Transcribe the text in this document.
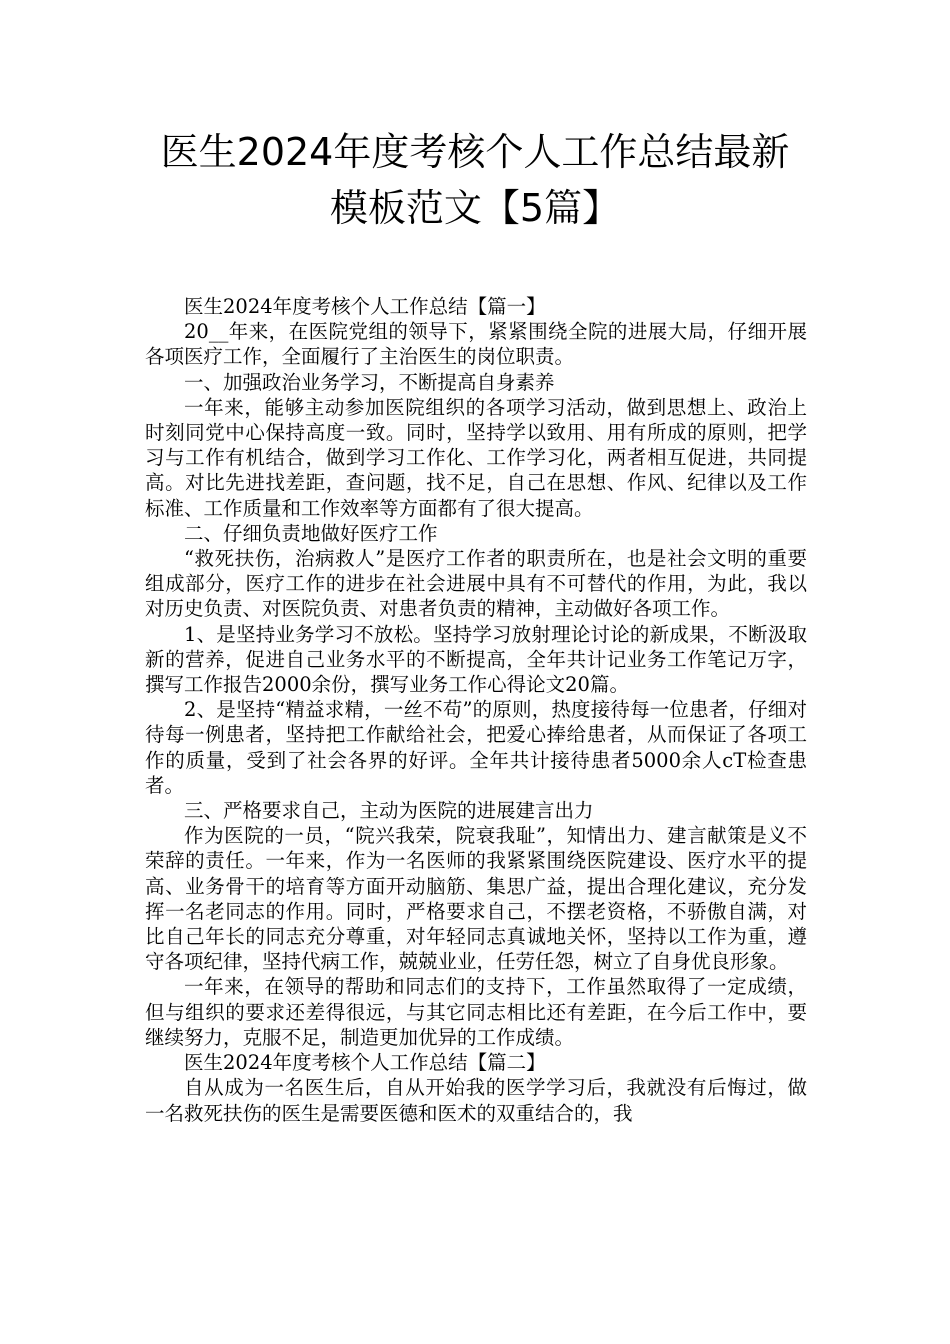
医生2024年度考核个人工作总结最新
模板范文【5篇】

医生2024年度考核个人工作总结【篇一】

20__年来，在医院党组的领导下，紧紧围绕全院的进展大局，仔细开展各项医疗工作，全面履行了主治医生的岗位职责。

一、加强政治业务学习，不断提高自身素养

一年来，能够主动参加医院组织的各项学习活动，做到思想上、政治上时刻同党中心保持高度一致。同时，坚持学以致用、用有所成的原则，把学习与工作有机结合，做到学习工作化、工作学习化，两者相互促进，共同提高。对比先进找差距，查问题，找不足，自己在思想、作风、纪律以及工作标准、工作质量和工作效率等方面都有了很大提高。

二、仔细负责地做好医疗工作

“救死扶伤，治病救人”是医疗工作者的职责所在，也是社会文明的重要组成部分，医疗工作的进步在社会进展中具有不可替代的作用，为此，我以对历史负责、对医院负责、对患者负责的精神，主动做好各项工作。

1、是坚持业务学习不放松。坚持学习放射理论讨论的新成果，不断汲取新的营养，促进自己业务水平的不断提高，全年共计记业务工作笔记万字，撰写工作报告2000余份，撰写业务工作心得论文20篇。

2、是坚持“精益求精，一丝不苟”的原则，热度接待每一位患者，仔细对待每一例患者，坚持把工作献给社会，把爱心捧给患者，从而保证了各项工作的质量，受到了社会各界的好评。全年共计接待患者5000余人cT检查患者。

三、严格要求自己，主动为医院的进展建言出力

作为医院的一员，“院兴我荣，院衰我耻”，知情出力、建言献策是义不荣辞的责任。一年来，作为一名医师的我紧紧围绕医院建设、医疗水平的提高、业务骨干的培育等方面开动脑筋、集思广益，提出合理化建议，充分发挥一名老同志的作用。同时，严格要求自己，不摆老资格，不骄傲自满，对比自己年长的同志充分尊重，对年轻同志真诚地关怀，坚持以工作为重，遵守各项纪律，坚持代病工作，兢兢业业，任劳任怨，树立了自身优良形象。

一年来，在领导的帮助和同志们的支持下，工作虽然取得了一定成绩，但与组织的要求还差得很远，与其它同志相比还有差距，在今后工作中，要继续努力，克服不足，制造更加优异的工作成绩。

医生2024年度考核个人工作总结【篇二】

自从成为一名医生后，自从开始我的医学学习后，我就没有后悔过，做一名救死扶伤的医生是需要医德和医术的双重结合的，我
